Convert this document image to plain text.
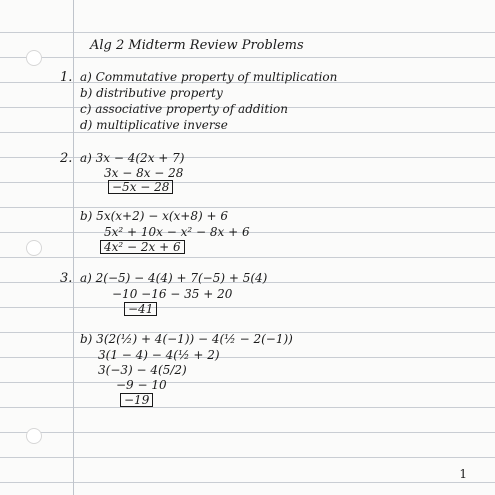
Alg 2 Midterm Review Problems
1. a) Commutative property of multiplication
b) distributive property
c) associative property of addition
d) multiplicative inverse
2. a) 3x − 4(2x + 7)
3x − 8x − 28
−5x − 28
b) 5x(x+2) − x(x+8) + 6
5x² + 10x − x² − 8x + 6
4x² − 2x + 6
3. a) 2(−5) − 4(4) + 7(−5) + 5(4)
−10 −16 − 35 + 20
−41
b) 3(2(½) + 4(−1)) − 4(½ − 2(−1))
3(1 − 4) − 4(½ + 2)
3(−3) − 4(5/2)
−9 − 10
−19
1
